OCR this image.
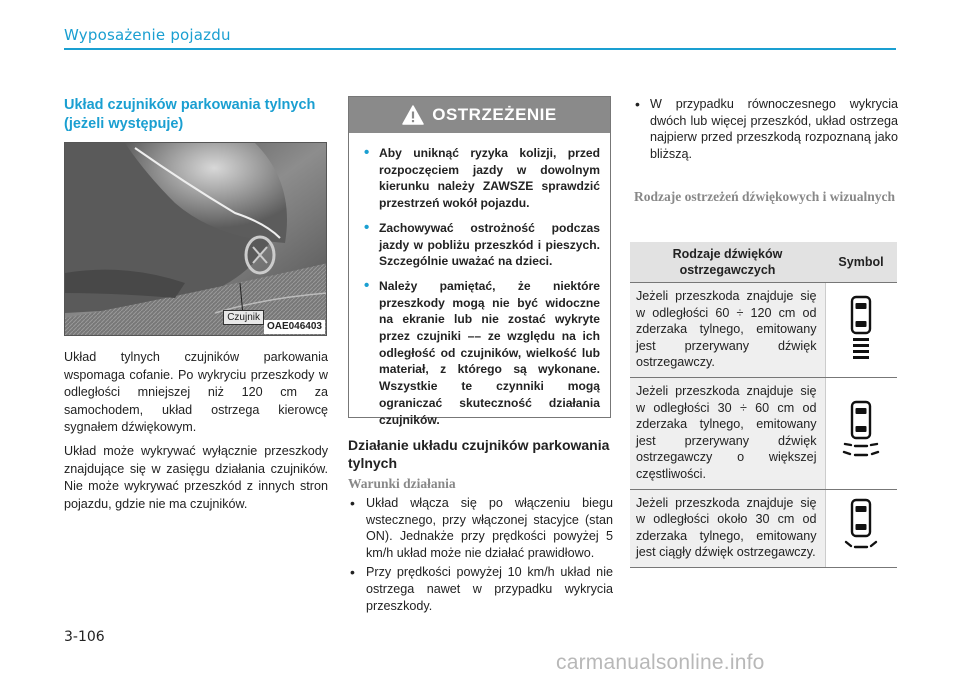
Wyposażenie pojazdu
Układ czujników parkowania tylnych (jeżeli występuje)
Czujnik
OAE046403

Układ tylnych czujników parkowania wspomaga cofanie. Po wykryciu przeszkody w odległości mniejszej niż 120 cm za samochodem, układ ostrzega kierowcę sygnałem dźwiękowym.

Układ może wykrywać wyłącznie przeszkody znajdujące się w zasięgu działania czujników. Nie może wykrywać przeszkód z innych stron pojazdu, gdzie nie ma czujników.

OSTRZEŻENIE
• Aby uniknąć ryzyka kolizji, przed rozpoczęciem jazdy w dowolnym kierunku należy ZAWSZE sprawdzić przestrzeń wokół pojazdu.
• Zachowywać ostrożność podczas jazdy w pobliżu przeszkód i pieszych. Szczególnie uważać na dzieci.
• Należy pamiętać, że niektóre przeszkody mogą nie być widoczne na ekranie lub nie zostać wykryte przez czujniki –– ze względu na ich odległość od czujników, wielkość lub materiał, z którego są wykonane. Wszystkie te czynniki mogą ograniczać skuteczność działania czujników.
Działanie układu czujników parkowania tylnych
Warunki działania
• Układ włącza się po włączeniu biegu wstecznego, przy włączonej stacyjce (stan ON). Jednakże przy prędkości powyżej 5 km/h układ może nie działać prawidłowo.
• Przy prędkości powyżej 10 km/h układ nie ostrzega nawet w przypadku wykrycia przeszkody.
• W przypadku równoczesnego wykrycia dwóch lub więcej przeszkód, układ ostrzega najpierw przed przeszkodą rozpoznaną jako bliższą.
Rodzaje ostrzeżeń dźwiękowych i wizualnych
Rodzaje dźwięków ostrzegawczych	Symbol
Jeżeli przeszkoda znajduje się w odległości 60 ÷ 120 cm od zderzaka tylnego, emitowany jest przerywany dźwięk ostrzegawczy.	
Jeżeli przeszkoda znajduje się w odległości 30 ÷ 60 cm od zderzaka tylnego, emitowany jest przerywany dźwięk ostrzegawczy o większej częstliwości.	
Jeżeli przeszkoda znajduje się w odległości około 30 cm od zderzaka tylnego, emitowany jest ciągły dźwięk ostrzegawczy.	
3-106
carmanualsonline.info
